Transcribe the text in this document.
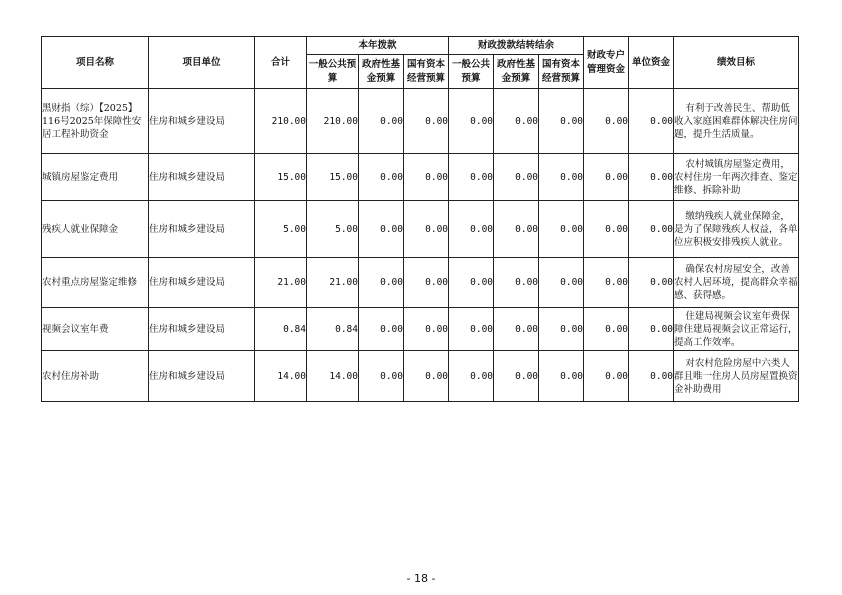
项目名称	项目单位	合计	本年拨款			财政拨款结转结余			财政专户管理资金	单位资金	绩效目标
			一般公共预算	政府性基金预算	国有资本经营预算	一般公共预算	政府性基金预算	国有资本经营预算			

黑财指（综）【2025】116号2025年保障性安居工程补助资金	住房和城乡建设局	210.00	210.00	0.00	0.00	0.00	0.00	0.00	0.00	0.00	有利于改善民生、帮助低收入家庭困难群体解决住房问题，提升生活质量。

城镇房屋鉴定费用	住房和城乡建设局	15.00	15.00	0.00	0.00	0.00	0.00	0.00	0.00	0.00	农村城镇房屋鉴定费用，农村住房一年两次排查、鉴定维修、拆除补助

残疾人就业保障金	住房和城乡建设局	5.00	5.00	0.00	0.00	0.00	0.00	0.00	0.00	0.00	缴纳残疾人就业保障金，是为了保障残疾人权益，各单位应积极安排残疾人就业。

农村重点房屋鉴定维修	住房和城乡建设局	21.00	21.00	0.00	0.00	0.00	0.00	0.00	0.00	0.00	确保农村房屋安全，改善农村人居环境，提高群众幸福感、获得感。

视频会议室年费	住房和城乡建设局	0.84	0.84	0.00	0.00	0.00	0.00	0.00	0.00	0.00	住建局视频会议室年费保障住建局视频会议正常运行，提高工作效率。

农村住房补助	住房和城乡建设局	14.00	14.00	0.00	0.00	0.00	0.00	0.00	0.00	0.00	对农村危险房屋中六类人群且唯一住房人员房屋置换资金补助费用
- 18 -
